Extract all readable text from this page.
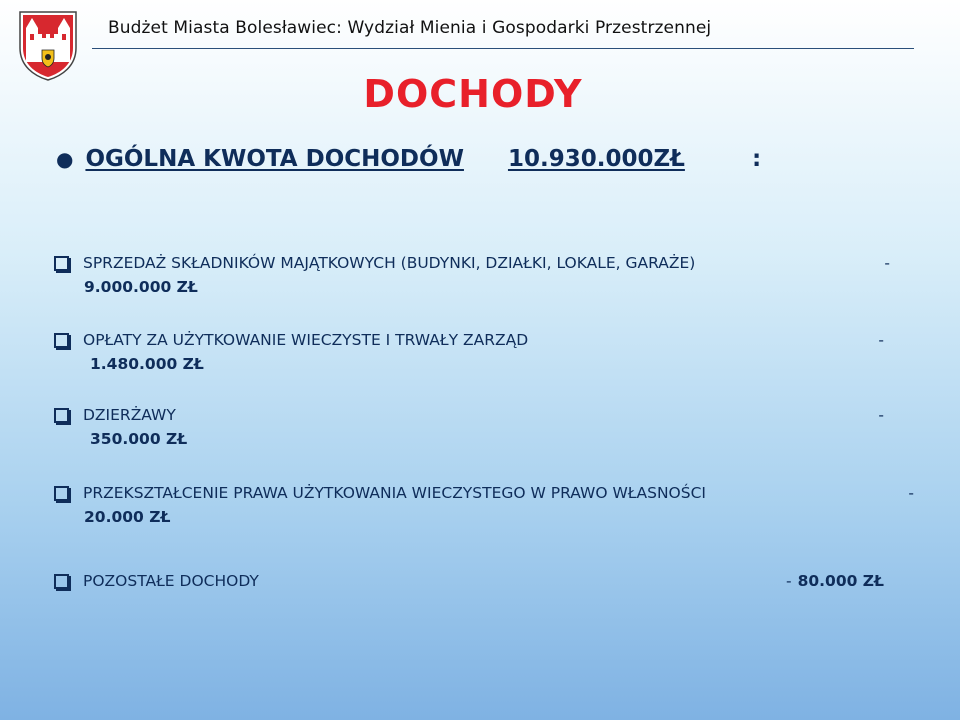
Budżet Miasta Bolesławiec: Wydział Mienia i Gospodarki Przestrzennej
DOCHODY
● OGÓLNA KWOTA DOCHODÓW	10.930.000ZŁ	:
SPRZEDAŻ SKŁADNIKÓW MAJĄTKOWYCH (BUDYNKI, DZIAŁKI, LOKALE, GARAŻE)	-
9.000.000 ZŁ
OPŁATY ZA UŻYTKOWANIE WIECZYSTE I TRWAŁY ZARZĄD	-
1.480.000 ZŁ
DZIERŻAWY	-
350.000 ZŁ
PRZEKSZTAŁCENIE PRAWA UŻYTKOWANIA WIECZYSTEGO W PRAWO WŁASNOŚCI	-
20.000 ZŁ
POZOSTAŁE DOCHODY	- 80.000 ZŁ
